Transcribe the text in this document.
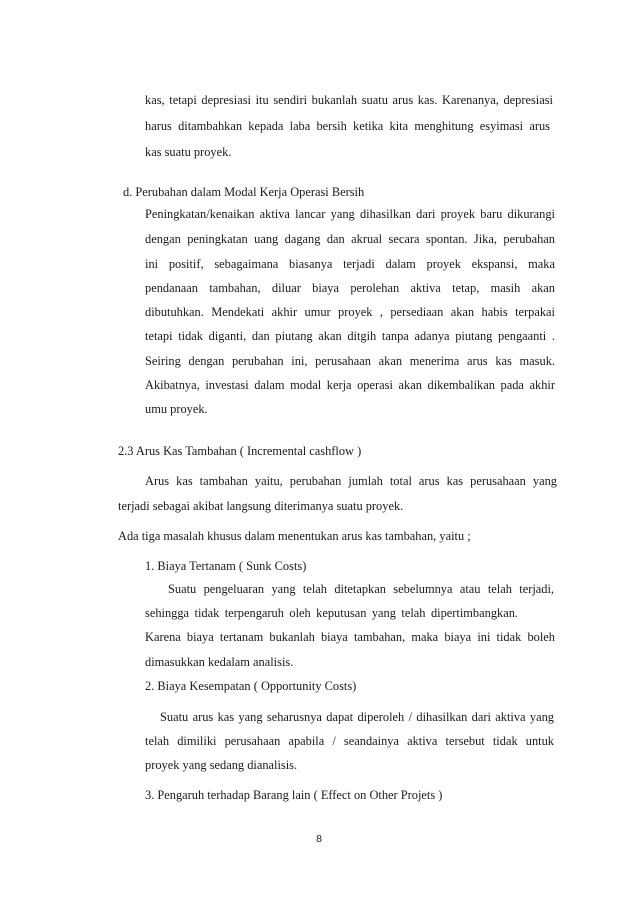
kas, tetapi depresiasi itu sendiri bukanlah suatu arus kas. Karenanya, depresiasi

harus ditambahkan kepada laba bersih ketika kita menghitung esyimasi arus

kas suatu proyek.

d. Perubahan dalam Modal Kerja Operasi Bersih

Peningkatan/kenaikan aktiva lancar yang dihasilkan dari proyek baru dikurangi

dengan peningkatan uang dagang dan akrual secara spontan. Jika, perubahan

ini positif, sebagaimana biasanya terjadi dalam proyek ekspansi, maka

pendanaan tambahan, diluar biaya perolehan aktiva tetap, masih akan

dibutuhkan. Mendekati akhir umur proyek , persediaan akan habis terpakai

tetapi tidak diganti, dan piutang akan ditgih tanpa adanya piutang pengaanti .

Seiring dengan perubahan ini, perusahaan akan menerima arus kas masuk.

Akibatnya, investasi dalam modal kerja operasi akan dikembalikan pada akhir

umu proyek.

2.3 Arus Kas Tambahan ( Incremental cashflow )

Arus kas tambahan yaitu, perubahan jumlah total arus kas perusahaan yang

terjadi sebagai akibat langsung diterimanya suatu proyek.

Ada tiga masalah khusus dalam menentukan arus kas tambahan, yaitu ;

1. Biaya Tertanam ( Sunk Costs)

Suatu pengeluaran yang telah ditetapkan sebelumnya atau telah terjadi,

sehingga tidak terpengaruh oleh keputusan yang telah dipertimbangkan.

Karena biaya tertanam bukanlah biaya tambahan, maka biaya ini tidak boleh

dimasukkan kedalam analisis.

2. Biaya Kesempatan ( Opportunity Costs)

Suatu arus kas yang seharusnya dapat diperoleh / dihasilkan dari aktiva yang

telah dimiliki perusahaan apabila / seandainya aktiva tersebut tidak untuk

proyek yang sedang dianalisis.

3. Pengaruh terhadap Barang lain ( Effect on Other Projets )

8
